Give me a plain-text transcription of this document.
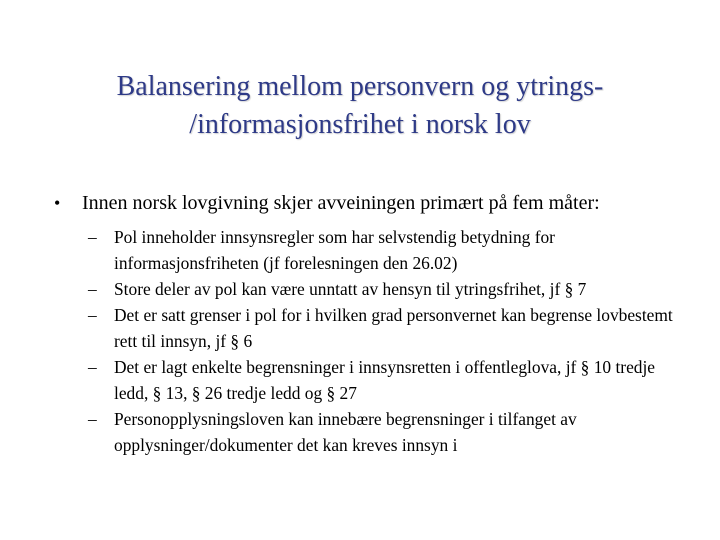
Balansering mellom personvern og ytrings-
/informasjonsfrihet i norsk lov
•	Innen norsk lovgivning skjer avveiningen primært på fem måter:
– Pol inneholder innsynsregler som har selvstendig betydning for informasjonsfriheten (jf forelesningen den 26.02)
– Store deler av pol kan være unntatt av hensyn til ytringsfrihet, jf § 7
– Det er satt grenser i pol for i hvilken grad personvernet kan begrense lovbestemt rett til innsyn, jf § 6
– Det er lagt enkelte begrensninger i innsynsretten i offentleglova, jf § 10 tredje ledd, § 13, § 26 tredje ledd og § 27
– Personopplysningsloven kan innebære begrensninger i tilfanget av opplysninger/dokumenter det kan kreves innsyn i
